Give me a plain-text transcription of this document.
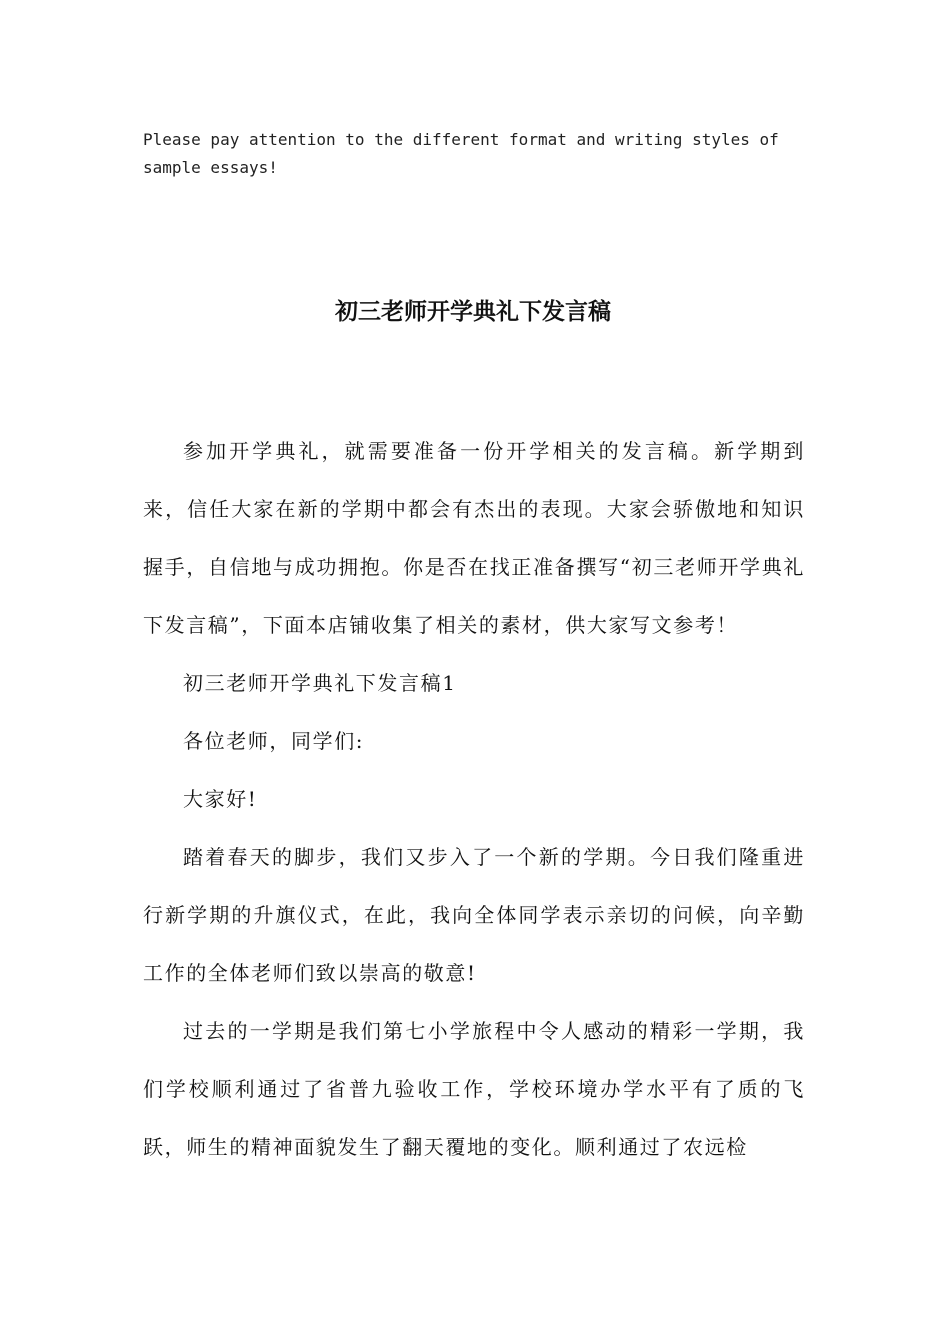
Please pay attention to the different format and writing styles of sample essays!

初三老师开学典礼下发言稿

参加开学典礼，就需要准备一份开学相关的发言稿。新学期到来，信任大家在新的学期中都会有杰出的表现。大家会骄傲地和知识握手，自信地与成功拥抱。你是否在找正准备撰写“初三老师开学典礼下发言稿”，下面本店铺收集了相关的素材，供大家写文参考！

初三老师开学典礼下发言稿1

各位老师，同学们:

大家好!

踏着春天的脚步，我们又步入了一个新的学期。今日我们隆重进行新学期的升旗仪式，在此，我向全体同学表示亲切的问候，向辛勤工作的全体老师们致以崇高的敬意!

过去的一学期是我们第七小学旅程中令人感动的精彩一学期，我们学校顺利通过了省普九验收工作，学校环境办学水平有了质的飞跃，师生的精神面貌发生了翻天覆地的变化。顺利通过了农远检
